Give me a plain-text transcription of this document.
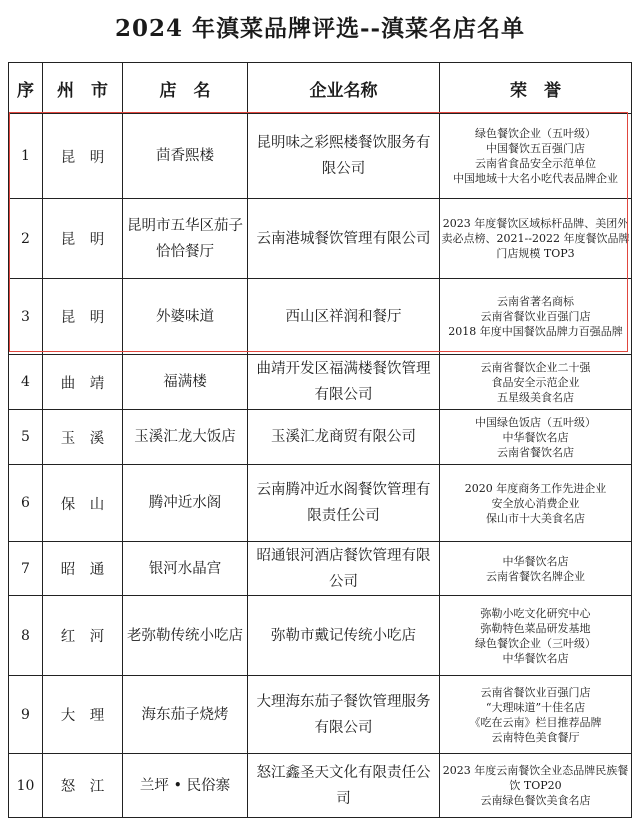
2024 年滇菜品牌评选--滇菜名店名单
序	州　市	店　名	企业名称	荣　誉
1	昆　明	茴香熙楼	昆明味之彩熙楼餐饮服务有限公司	绿色餐饮企业（五叶级）
中国餐饮五百强门店
云南省食品安全示范单位
中国地域十大名小吃代表品牌企业
2	昆　明	昆明市五华区茄子恰恰餐厅	云南港城餐饮管理有限公司	2023 年度餐饮区域标杆品牌、美团外卖必点榜、2021--2022 年度餐饮品牌门店规模 TOP3
3	昆　明	外婆味道	西山区祥润和餐厅	云南省著名商标
云南省餐饮业百强门店
2018 年度中国餐饮品牌力百强品牌
4	曲　靖	福满楼	曲靖开发区福满楼餐饮管理有限公司	云南省餐饮企业二十强
食品安全示范企业
五星级美食名店
5	玉　溪	玉溪汇龙大饭店	玉溪汇龙商贸有限公司	中国绿色饭店（五叶级）
中华餐饮名店
云南省餐饮名店
6	保　山	腾冲近水阁	云南腾冲近水阁餐饮管理有限责任公司	2020 年度商务工作先进企业
安全放心消费企业
保山市十大美食名店
7	昭　通	银河水晶宫	昭通银河酒店餐饮管理有限公司	中华餐饮名店
云南省餐饮名牌企业
8	红　河	老弥勒传统小吃店	弥勒市戴记传统小吃店	弥勒小吃文化研究中心
弥勒特色菜品研发基地
绿色餐饮企业（三叶级）
中华餐饮名店
9	大　理	海东茄子烧烤	大理海东茄子餐饮管理服务有限公司	云南省餐饮业百强门店
“大理味道”十佳名店
《吃在云南》栏目推荐品牌
云南特色美食餐厅
10	怒　江	兰坪 • 民俗寨	怒江鑫圣天文化有限责任公司	2023 年度云南餐饮全业态品牌民族餐饮 TOP20
云南绿色餐饮美食名店
